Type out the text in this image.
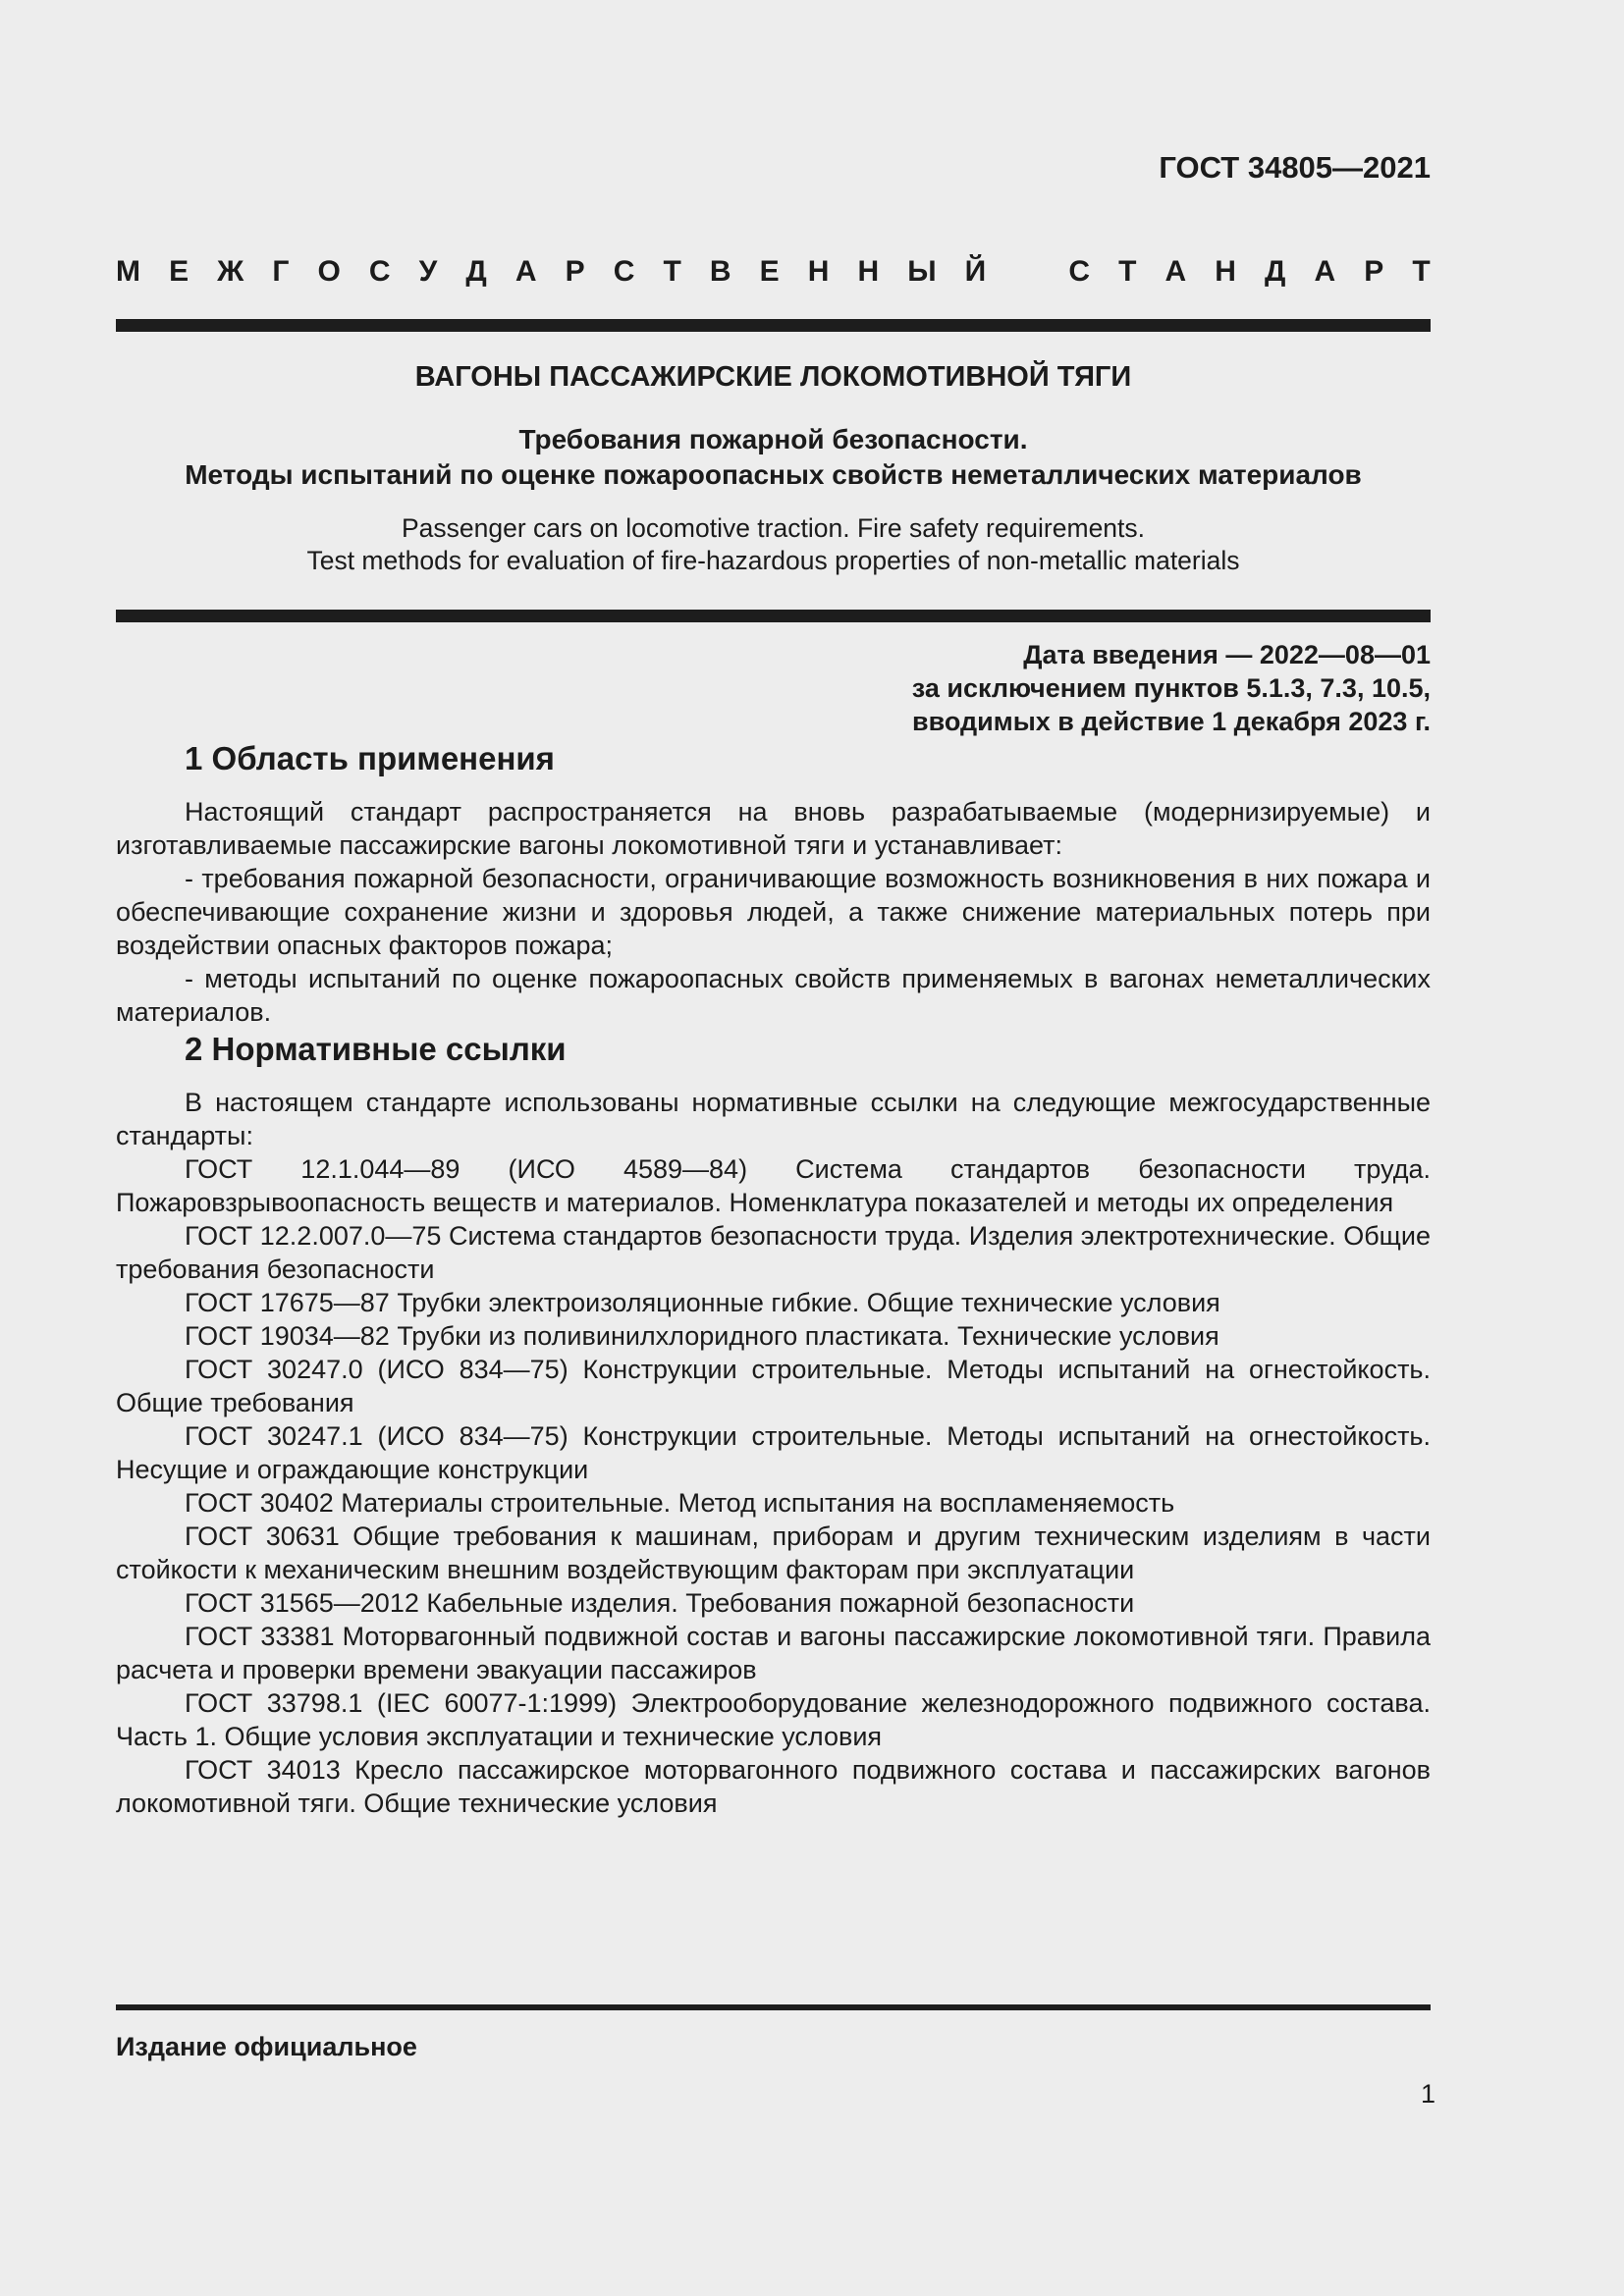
ГОСТ 34805—2021
М Е Ж Г О С У Д А Р С Т В Е Н Н Ы Й
	С Т А Н Д А Р Т
ВАГОНЫ ПАССАЖИРСКИЕ ЛОКОМОТИВНОЙ ТЯГИ
Требования пожарной безопасности.
Методы испытаний по оценке пожароопасных свойств неметаллических материалов
Passenger cars on locomotive traction. Fire safety requirements.
Test methods for evaluation of fire-hazardous properties of non-metallic materials
Дата введения — 2022—08—01
за исключением пунктов 5.1.3, 7.3, 10.5,
вводимых в действие 1 декабря 2023 г.
1 Область применения

Настоящий стандарт распространяется на вновь разрабатываемые (модернизируемые) и изготавливаемые пассажирские вагоны локомотивной тяги и устанавливает:

- требования пожарной безопасности, ограничивающие возможность возникновения в них пожара и обеспечивающие сохранение жизни и здоровья людей, а также снижение материальных потерь при воздействии опасных факторов пожара;

- методы испытаний по оценке пожароопасных свойств применяемых в вагонах неметаллических материалов.

2 Нормативные ссылки

В настоящем стандарте использованы нормативные ссылки на следующие межгосударственные стандарты:

ГОСТ 12.1.044—89 (ИСО 4589—84) Система стандартов безопасности труда. Пожаровзрывоопасность веществ и материалов. Номенклатура показателей и методы их определения

ГОСТ 12.2.007.0—75 Система стандартов безопасности труда. Изделия электротехнические. Общие требования безопасности

ГОСТ 17675—87 Трубки электроизоляционные гибкие. Общие технические условия

ГОСТ 19034—82 Трубки из поливинилхлоридного пластиката. Технические условия

ГОСТ 30247.0 (ИСО 834—75) Конструкции строительные. Методы испытаний на огнестойкость. Общие требования

ГОСТ 30247.1 (ИСО 834—75) Конструкции строительные. Методы испытаний на огнестойкость. Несущие и ограждающие конструкции

ГОСТ 30402 Материалы строительные. Метод испытания на воспламеняемость

ГОСТ 30631 Общие требования к машинам, приборам и другим техническим изделиям в части стойкости к механическим внешним воздействующим факторам при эксплуатации

ГОСТ 31565—2012 Кабельные изделия. Требования пожарной безопасности

ГОСТ 33381 Моторвагонный подвижной состав и вагоны пассажирские локомотивной тяги. Правила расчета и проверки времени эвакуации пассажиров

ГОСТ 33798.1 (IEC 60077-1:1999) Электрооборудование железнодорожного подвижного состава. Часть 1. Общие условия эксплуатации и технические условия

ГОСТ 34013 Кресло пассажирское моторвагонного подвижного состава и пассажирских вагонов локомотивной тяги. Общие технические условия

Издание официальное
1
